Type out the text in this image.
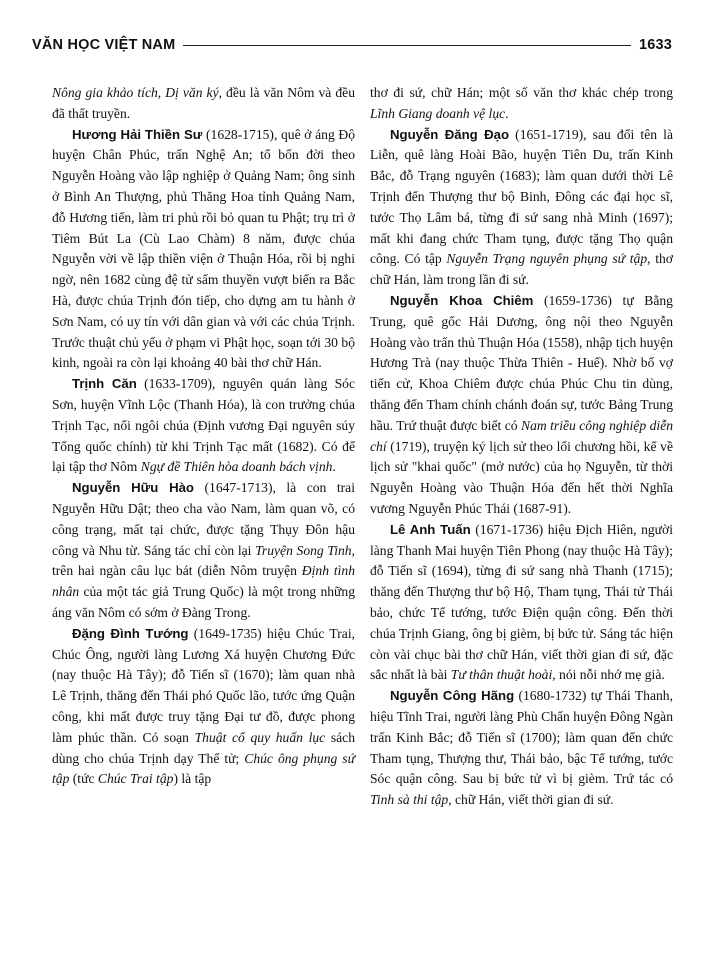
VĂN HỌC VIỆT NAM	1633

Nông gia khảo tích, Dị văn ký, đều là văn Nôm và đều đã thất truyền.

Hương Hải Thiền Sư (1628-1715), quê ở áng Độ huyện Chân Phúc, trấn Nghệ An; tổ bốn đời theo Nguyễn Hoàng vào lập nghiệp ở Quảng Nam; ông sinh ở Bình An Thượng, phủ Thăng Hoa tỉnh Quảng Nam, đỗ Hương tiến, làm tri phủ rồi bỏ quan tu Phật; trụ trì ở Tiêm Bút La (Cù Lao Chàm) 8 năm, được chúa Nguyễn vời về lập thiền viện ở Thuận Hóa, rồi bị nghi ngờ, nên 1682 cùng đệ tử sấm thuyền vượt biển ra Bắc Hà, được chúa Trịnh đón tiếp, cho dựng am tu hành ở Sơn Nam, có uy tín với dân gian và với các chúa Trịnh. Trước thuật chủ yếu ở phạm vi Phật học, soạn tới 30 bộ kinh, ngoài ra còn lại khoảng 40 bài thơ chữ Hán.

Trịnh Căn (1633-1709), nguyên quán làng Sóc Sơn, huyện Vĩnh Lộc (Thanh Hóa), là con trưởng chúa Trịnh Tạc, nối ngôi chúa (Định vương Đại nguyên súy Tổng quốc chính) từ khi Trịnh Tạc mất (1682). Có để lại tập thơ Nôm Ngự đề Thiên hòa doanh bách vịnh.

Nguyễn Hữu Hào (1647-1713), là con trai Nguyễn Hữu Dật; theo cha vào Nam, làm quan võ, có công trạng, mất tại chức, được tặng Thụy Đôn hậu công và Nhu từ. Sáng tác chỉ còn lại Truyện Song Tinh, trên hai ngàn câu lục bát (diễn Nôm truyện Định tình nhân của một tác giả Trung Quốc) là một trong những áng văn Nôm có sớm ở Đàng Trong.

Đặng Đình Tướng (1649-1735) hiệu Chúc Trai, Chúc Ông, người làng Lương Xá huyện Chương Đức (nay thuộc Hà Tây); đỗ Tiến sĩ (1670); làm quan nhà Lê Trịnh, thăng đến Thái phó Quốc lão, tước ứng Quận công, khi mất được truy tặng Đại tư đồ, được phong làm phúc thần. Có soạn Thuật cổ quy huấn lục sách dùng cho chúa Trịnh dạy Thế tử; Chúc ông phụng sứ tập (tức Chúc Trai tập) là tập

thơ đi sứ, chữ Hán; một số văn thơ khác chép trong Lĩnh Giang doanh vệ lục.

Nguyễn Đăng Đạo (1651-1719), sau đổi tên là Liễn, quê làng Hoài Bão, huyện Tiên Du, trấn Kinh Bắc, đỗ Trạng nguyên (1683); làm quan dưới thời Lê Trịnh đến Thượng thư bộ Binh, Đông các đại học sĩ, tước Thọ Lâm bá, từng đi sứ sang nhà Minh (1697); mất khi đang chức Tham tụng, được tặng Thọ quận công. Có tập Nguyễn Trạng nguyên phụng sứ tập, thơ chữ Hán, làm trong lần đi sứ.

Nguyễn Khoa Chiêm (1659-1736) tự Bằng Trung, quê gốc Hải Dương, ông nội theo Nguyễn Hoàng vào trấn thủ Thuận Hóa (1558), nhập tịch huyện Hương Trà (nay thuộc Thừa Thiên - Huế). Nhờ bố vợ tiến cử, Khoa Chiêm được chúa Phúc Chu tin dùng, thăng đến Tham chính chánh đoán sự, tước Bảng Trung hầu. Trứ thuật được biết có Nam triều công nghiệp diễn chí (1719), truyện ký lịch sử theo lối chương hồi, kể về lịch sử "khai quốc" (mở nước) của họ Nguyễn, từ thời Nguyễn Hoàng vào Thuận Hóa đến hết thời Nghĩa vương Nguyễn Phúc Thái (1687-91).

Lê Anh Tuấn (1671-1736) hiệu Địch Hiên, người làng Thanh Mai huyện Tiên Phong (nay thuộc Hà Tây); đỗ Tiến sĩ (1694), từng đi sứ sang nhà Thanh (1715); thăng đến Thượng thư bộ Hộ, Tham tụng, Thái tử Thái bảo, chức Tể tướng, tước Điện quận công. Đến thời chúa Trịnh Giang, ông bị gièm, bị bức tử. Sáng tác hiện còn vài chục bài thơ chữ Hán, viết thời gian đi sứ, đặc sắc nhất là bài Tư thân thuật hoài, nói nỗi nhớ mẹ già.

Nguyễn Công Hãng (1680-1732) tự Thái Thanh, hiệu Tĩnh Trai, người làng Phù Chẩn huyện Đông Ngàn trấn Kinh Bắc; đỗ Tiến sĩ (1700); làm quan đến chức Tham tụng, Thượng thư, Thái bảo, bậc Tể tướng, tước Sóc quận công. Sau bị bức tử vì bị gièm. Trứ tác có Tinh sà thi tập, chữ Hán, viết thời gian đi sứ.
